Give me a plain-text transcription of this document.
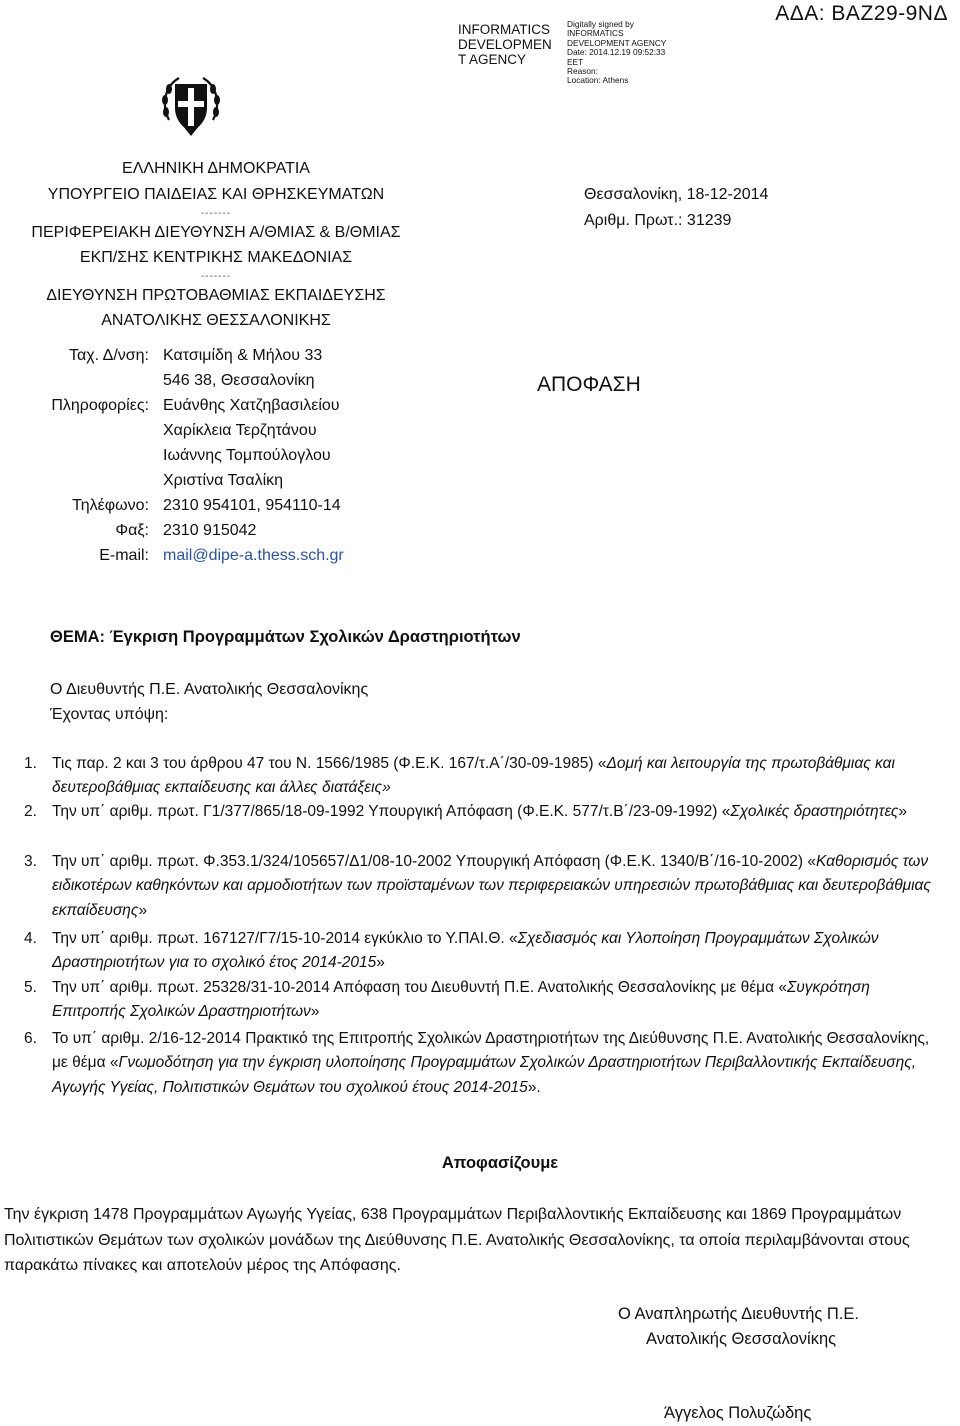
ΑΔΑ: ΒΑΖ29-9ΝΔ
INFORMATICS
DEVELOPMEN
T AGENCY
Digitally signed by
INFORMATICS
DEVELOPMENT AGENCY
Date: 2014.12.19 09:52:33
EET
Reason:
Location: Athens
ΕΛΛΗΝΙΚΗ ΔΗΜΟΚΡΑΤΙΑ
ΥΠΟΥΡΓΕΙΟ ΠΑΙΔΕΙΑΣ ΚΑΙ ΘΡΗΣΚΕΥΜΑΤΩΝ
-------
ΠΕΡΙΦΕΡΕΙΑΚΗ ΔΙΕΥΘΥΝΣΗ Α/ΘΜΙΑΣ & Β/ΘΜΙΑΣ
ΕΚΠ/ΣΗΣ ΚΕΝΤΡΙΚΗΣ ΜΑΚΕΔΟΝΙΑΣ
-------
ΔΙΕΥΘΥΝΣΗ ΠΡΩΤΟΒΑΘΜΙΑΣ ΕΚΠΑΙΔΕΥΣΗΣ
ΑΝΑΤΟΛΙΚΗΣ ΘΕΣΣΑΛΟΝΙΚΗΣ
Θεσσαλονίκη, 18-12-2014
Αριθμ. Πρωτ.: 31239
Ταχ. Δ/νση: Κατσιμίδη & Μήλου 33
546 38, Θεσσαλονίκη
Πληροφορίες: Ευάνθης Χατζηβασιλείου
Χαρίκλεια Τερζητάνου
Ιωάννης Τομπούλογλου
Χριστίνα Τσαλίκη
Τηλέφωνο: 2310 954101, 954110-14
Φαξ: 2310 915042
E-mail: mail@dipe-a.thess.sch.gr
ΑΠΟΦΑΣΗ
ΘΕΜΑ: Έγκριση Προγραμμάτων Σχολικών Δραστηριοτήτων
Ο Διευθυντής Π.Ε. Ανατολικής Θεσσαλονίκης
Έχοντας υπόψη:
1. Τις παρ. 2 και 3 του άρθρου 47 του Ν. 1566/1985 (Φ.Ε.Κ. 167/τ.Α΄/30-09-1985) «Δομή και λειτουργία της πρωτοβάθμιας και δευτεροβάθμιας εκπαίδευσης και άλλες διατάξεις»
2. Την υπ΄ αριθμ. πρωτ. Γ1/377/865/18-09-1992 Υπουργική Απόφαση (Φ.Ε.Κ. 577/τ.Β΄/23-09-1992) «Σχολικές δραστηριότητες»
3. Την υπ΄ αριθμ. πρωτ. Φ.353.1/324/105657/Δ1/08-10-2002 Υπουργική Απόφαση (Φ.Ε.Κ. 1340/Β΄/16-10-2002) «Καθορισμός των ειδικοτέρων καθηκόντων και αρμοδιοτήτων των προϊσταμένων των περιφερειακών υπηρεσιών πρωτοβάθμιας και δευτεροβάθμιας εκπαίδευσης»
4. Την υπ΄ αριθμ. πρωτ. 167127/Γ7/15-10-2014 εγκύκλιο το Υ.ΠΑΙ.Θ. «Σχεδιασμός και Υλοποίηση Προγραμμάτων Σχολικών Δραστηριοτήτων για το σχολικό έτος 2014-2015»
5. Την υπ΄ αριθμ. πρωτ. 25328/31-10-2014 Απόφαση του Διευθυντή Π.Ε. Ανατολικής Θεσσαλονίκης με θέμα «Συγκρότηση Επιτροπής Σχολικών Δραστηριοτήτων»
6. Το υπ΄ αριθμ. 2/16-12-2014 Πρακτικό της Επιτροπής Σχολικών Δραστηριοτήτων της Διεύθυνσης Π.Ε. Ανατολικής Θεσσαλονίκης, με θέμα «Γνωμοδότηση για την έγκριση υλοποίησης Προγραμμάτων Σχολικών Δραστηριοτήτων Περιβαλλοντικής Εκπαίδευσης, Αγωγής Υγείας, Πολιτιστικών Θεμάτων του σχολικού έτους 2014-2015».
Αποφασίζουμε
Την έγκριση 1478 Προγραμμάτων Αγωγής Υγείας, 638 Προγραμμάτων Περιβαλλοντικής Εκπαίδευσης και 1869 Προγραμμάτων Πολιτιστικών Θεμάτων των σχολικών μονάδων της Διεύθυνσης Π.Ε. Ανατολικής Θεσσαλονίκης, τα οποία περιλαμβάνονται στους παρακάτω πίνακες και αποτελούν μέρος της Απόφασης.
Ο Αναπληρωτής Διευθυντής Π.Ε.
Ανατολικής Θεσσαλονίκης
Άγγελος Πολυζώδης
